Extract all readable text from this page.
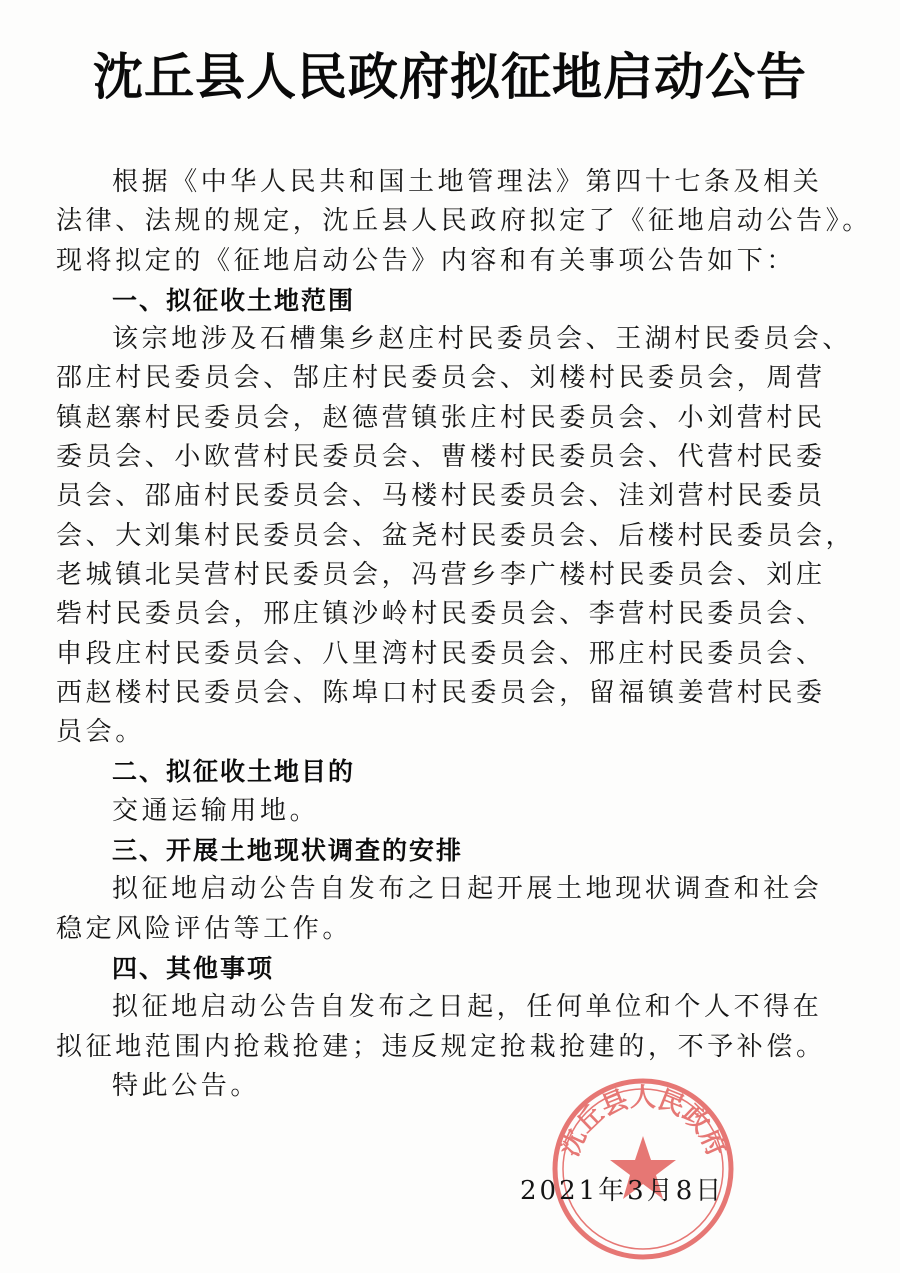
沈丘县人民政府拟征地启动公告
根据《中华人民共和国土地管理法》第四十七条及相关
法律、法规的规定，沈丘县人民政府拟定了《征地启动公告》。
现将拟定的《征地启动公告》内容和有关事项公告如下：
一、拟征收土地范围
该宗地涉及石槽集乡赵庄村民委员会、王湖村民委员会、
邵庄村民委员会、郜庄村民委员会、刘楼村民委员会，周营
镇赵寨村民委员会，赵德营镇张庄村民委员会、小刘营村民
委员会、小欧营村民委员会、曹楼村民委员会、代营村民委
员会、邵庙村民委员会、马楼村民委员会、洼刘营村民委员
会、大刘集村民委员会、盆尧村民委员会、后楼村民委员会，
老城镇北吴营村民委员会，冯营乡李广楼村民委员会、刘庄
砦村民委员会，邢庄镇沙岭村民委员会、李营村民委员会、
申段庄村民委员会、八里湾村民委员会、邢庄村民委员会、
西赵楼村民委员会、陈埠口村民委员会，留福镇姜营村民委
员会。
二、拟征收土地目的
交通运输用地。
三、开展土地现状调查的安排
拟征地启动公告自发布之日起开展土地现状调查和社会
稳定风险评估等工作。
四、其他事项
拟征地启动公告自发布之日起，任何单位和个人不得在
拟征地范围内抢栽抢建；违反规定抢栽抢建的，不予补偿。
特此公告。
沈丘县人民政府
2021年3月8日
